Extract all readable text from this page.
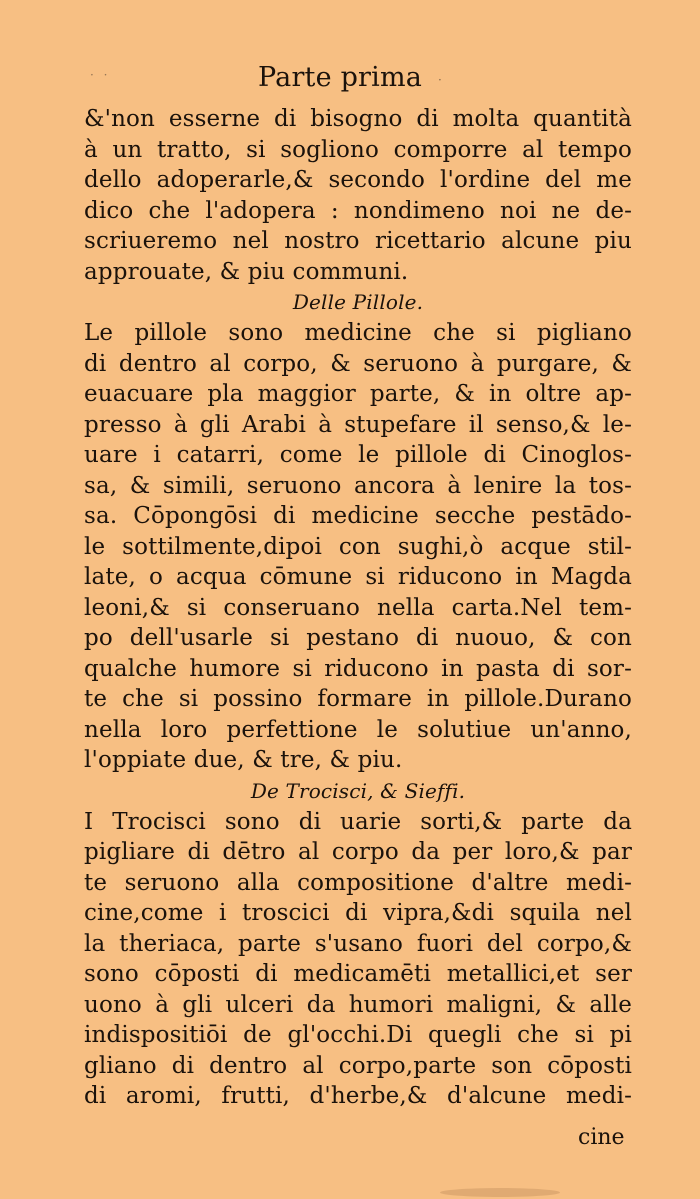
· ·	Parte prima ·
&'non esserne di bisogno di molta quantità
à un tratto, si sogliono comporre al tempo
dello adoperarle,& secondo l'ordine del me
dico che l'adopera : nondimeno noi ne de-
scriueremo nel nostro ricettario alcune piu
approuate, & piu communi.
Delle Pillole.
Le pillole sono medicine che si pigliano
di dentro al corpo, & seruono à purgare, &
euacuare pla maggior parte, & in oltre ap-
presso à gli Arabi à stupefare il senso,& le-
uare i catarri, come le pillole di Cinoglos-
sa, & simili, seruono ancora à lenire la tos-
sa. Cōpongōsi di medicine secche pestādo-
le sottilmente,dipoi con sughi,ò acque stil-
late, o acqua cōmune si riducono in Magda
leoni,& si conseruano nella carta.Nel tem-
po dell'usarle si pestano di nuouo, & con
qualche humore si riducono in pasta di sor-
te che si possino formare in pillole.Durano
nella loro perfettione le solutiue un'anno,
l'oppiate due, & tre, & piu.
De Trocisci, & Sieffi.
I Trocisci sono di uarie sorti,& parte da
pigliare di dētro al corpo da per loro,& par
te seruono alla compositione d'altre medi-
cine,come i troscici di vipra,&di squila nel
la theriaca, parte s'usano fuori del corpo,&
sono cōposti di medicamēti metallici,et ser
uono à gli ulceri da humori maligni, & alle
indispositiōi de gl'occhi.Di quegli che si pi
gliano di dentro al corpo,parte son cōposti
di aromi, frutti, d'herbe,& d'alcune medi-
cine
